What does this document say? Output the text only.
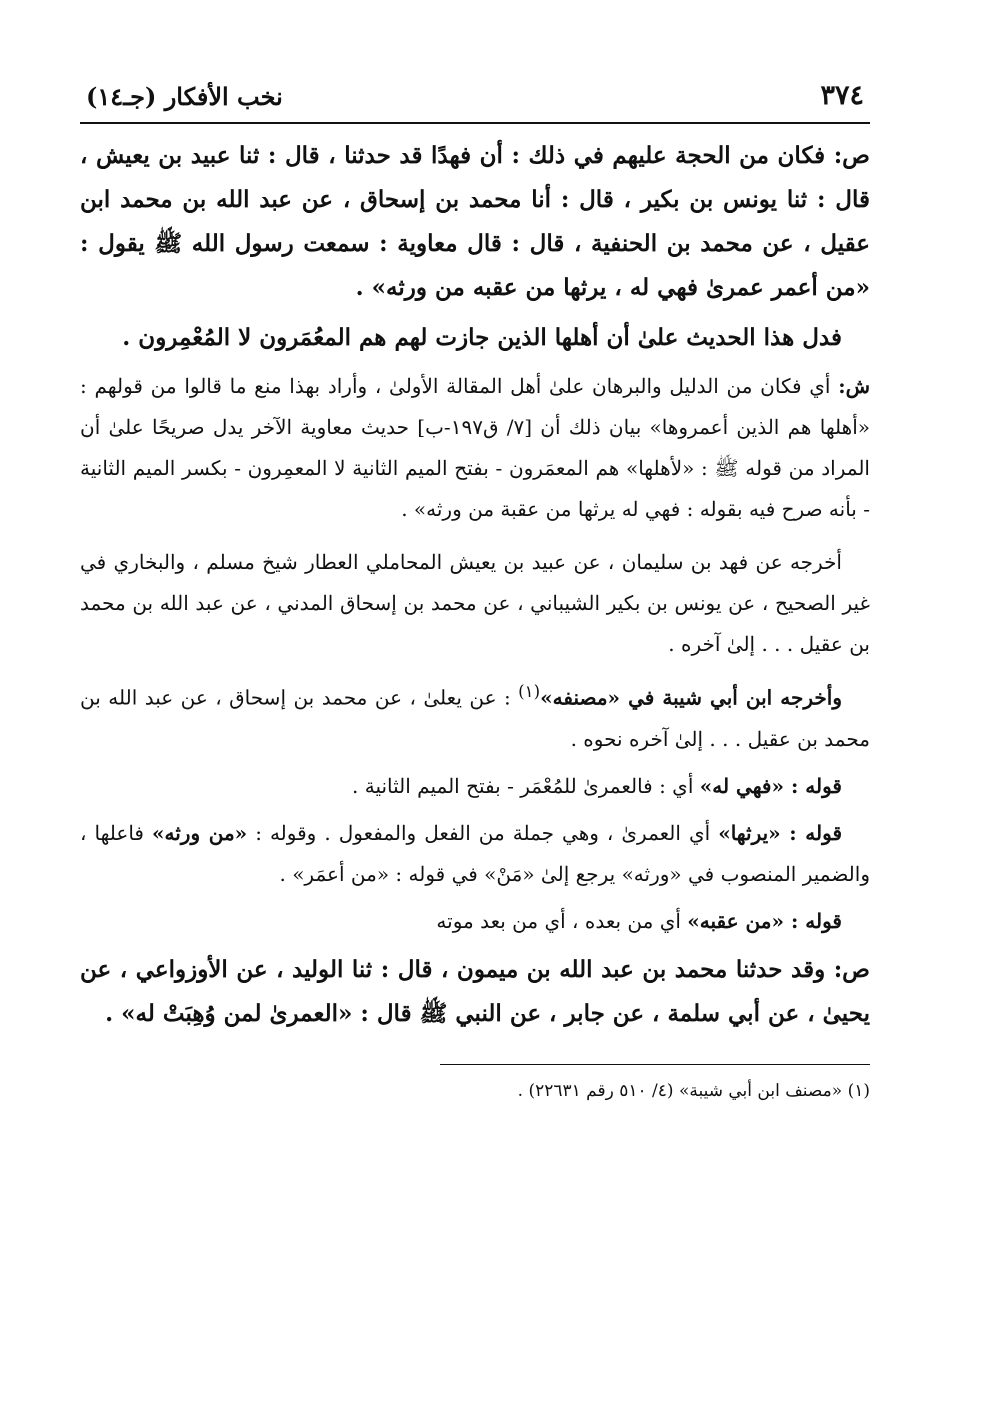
٣٧٤
نخب الأفكار (جـ١٤)

ص: فكان من الحجة عليهم في ذلك : أن فهدًا قد حدثنا ، قال : ثنا عبيد بن يعيش ، قال : ثنا يونس بن بكير ، قال : أنا محمد بن إسحاق ، عن عبد الله بن محمد ابن عقيل ، عن محمد بن الحنفية ، قال : قال معاوية : سمعت رسول الله ﷺ يقول : «من أعمر عمرىٰ فهي له ، يرثها من عقبه من ورثه» .

فدل هذا الحديث علىٰ أن أهلها الذين جازت لهم هم المعُمَرون لا المُعْمِرون .

ش: أي فكان من الدليل والبرهان علىٰ أهل المقالة الأولىٰ ، وأراد بهذا منع ما قالوا من قولهم : «أهلها هم الذين أعمروها» بيان ذلك أن [٧/ ق١٩٧-ب] حديث معاوية الآخر يدل صريحًا علىٰ أن المراد من قوله ﷺ : «لأهلها» هم المعمَرون - بفتح الميم الثانية لا المعمِرون - بكسر الميم الثانية - بأنه صرح فيه بقوله : فهي له يرثها من عقبة من ورثه» .

أخرجه عن فهد بن سليمان ، عن عبيد بن يعيش المحاملي العطار شيخ مسلم ، والبخاري في غير الصحيح ، عن يونس بن بكير الشيباني ، عن محمد بن إسحاق المدني ، عن عبد الله بن محمد بن عقيل . . . إلىٰ آخره .

وأخرجه ابن أبي شيبة في «مصنفه»$^{(١)}$ : عن يعلىٰ ، عن محمد بن إسحاق ، عن عبد الله بن محمد بن عقيل . . . إلىٰ آخره نحوه .

قوله : «فهي له» أي : فالعمرىٰ للمُعْمَر - بفتح الميم الثانية .

قوله : «يرثها» أي العمرىٰ ، وهي جملة من الفعل والمفعول . وقوله : «من ورثه» فاعلها ، والضمير المنصوب في «ورثه» يرجع إلىٰ «مَنْ» في قوله : «من أعمَر» .

قوله : «من عقبه» أي من بعده ، أي من بعد موته

ص: وقد حدثنا محمد بن عبد الله بن ميمون ، قال : ثنا الوليد ، عن الأوزواعي ، عن يحيىٰ ، عن أبي سلمة ، عن جابر ، عن النبي ﷺ قال : «العمرىٰ لمن وُهِبَتْ له» .

(١) «مصنف ابن أبي شيبة» (٤/ ٥١٠ رقم ٢٢٦٣١) .
